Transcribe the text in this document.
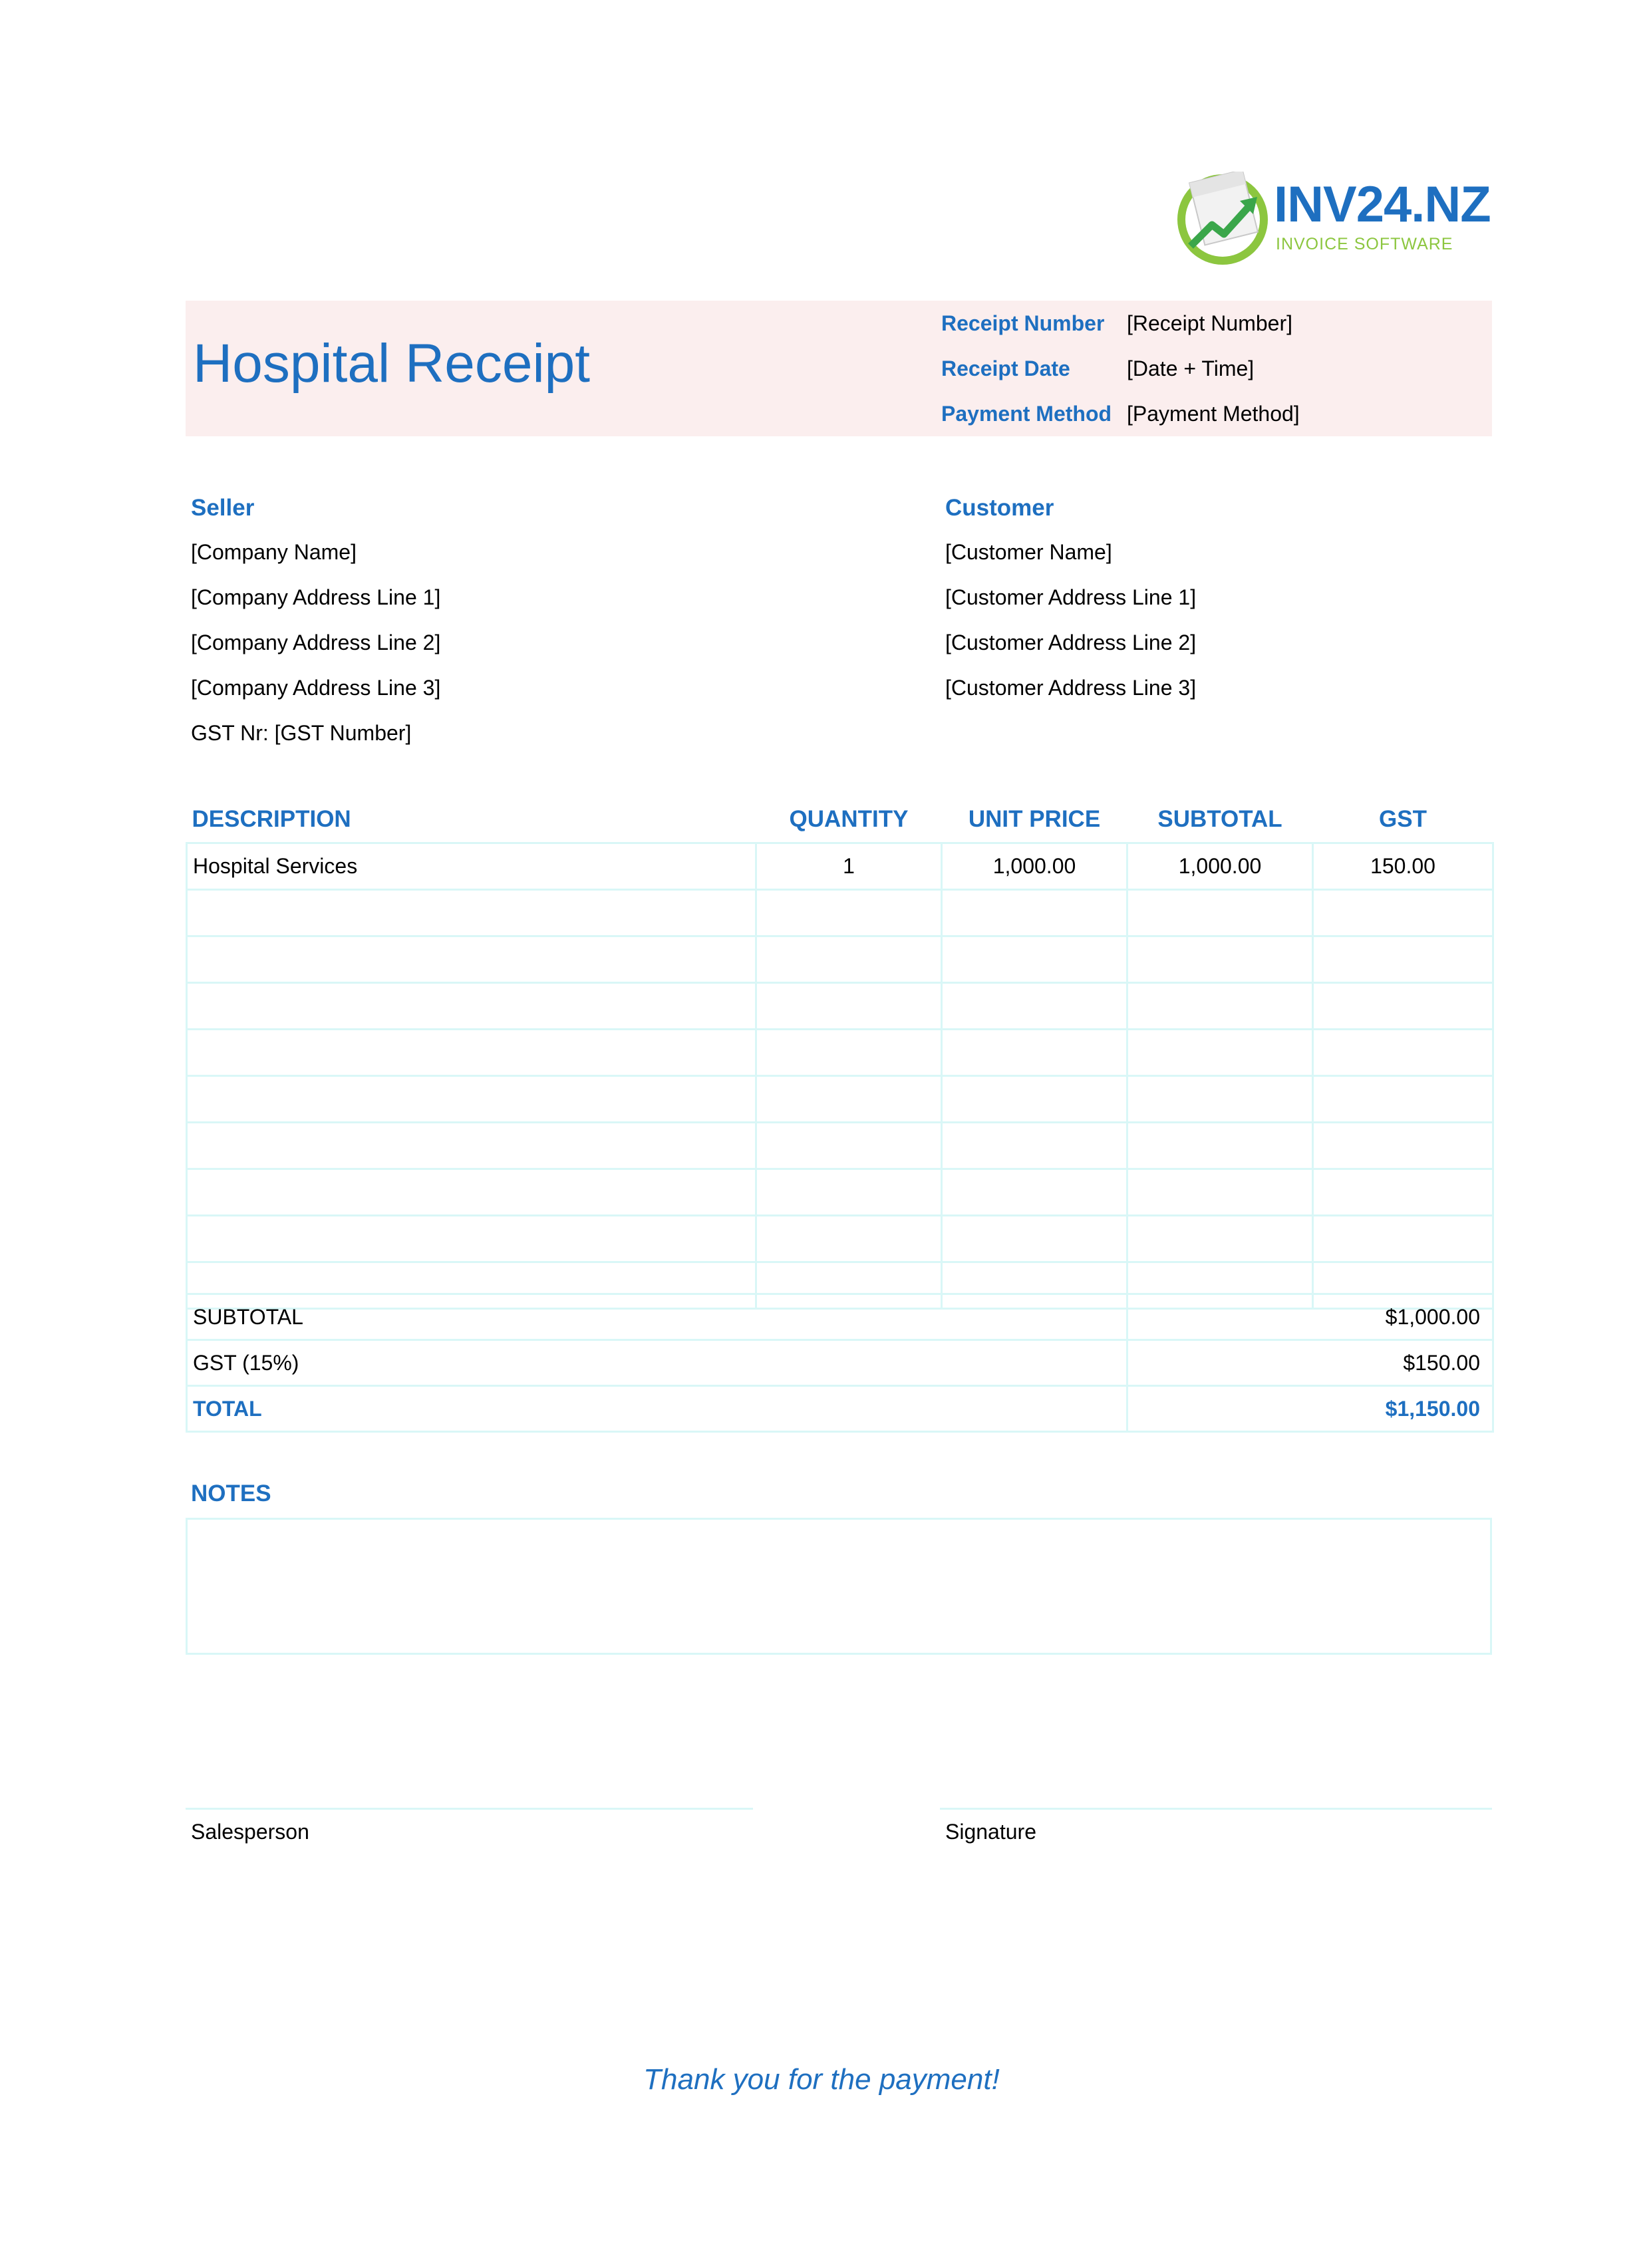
INV24.NZ
INVOICE SOFTWARE
Hospital Receipt
Receipt Number [Receipt Number]
Receipt Date	[Date + Time]
Payment Method [Payment Method]
Seller
[Company Name]
[Company Address Line 1]
[Company Address Line 2]
[Company Address Line 3]
GST Nr: [GST Number]
Customer
[Customer Name]
[Customer Address Line 1]
[Customer Address Line 2]
[Customer Address Line 3]
DESCRIPTION	QUANTITY	UNIT PRICE	SUBTOTAL	GST
Hospital Services	1	1,000.00	1,000.00	150.00

SUBTOTAL	$1,000.00
GST (15%)	$150.00
TOTAL	$1,150.00
NOTES
Salesperson	Signature
Thank you for the payment!
